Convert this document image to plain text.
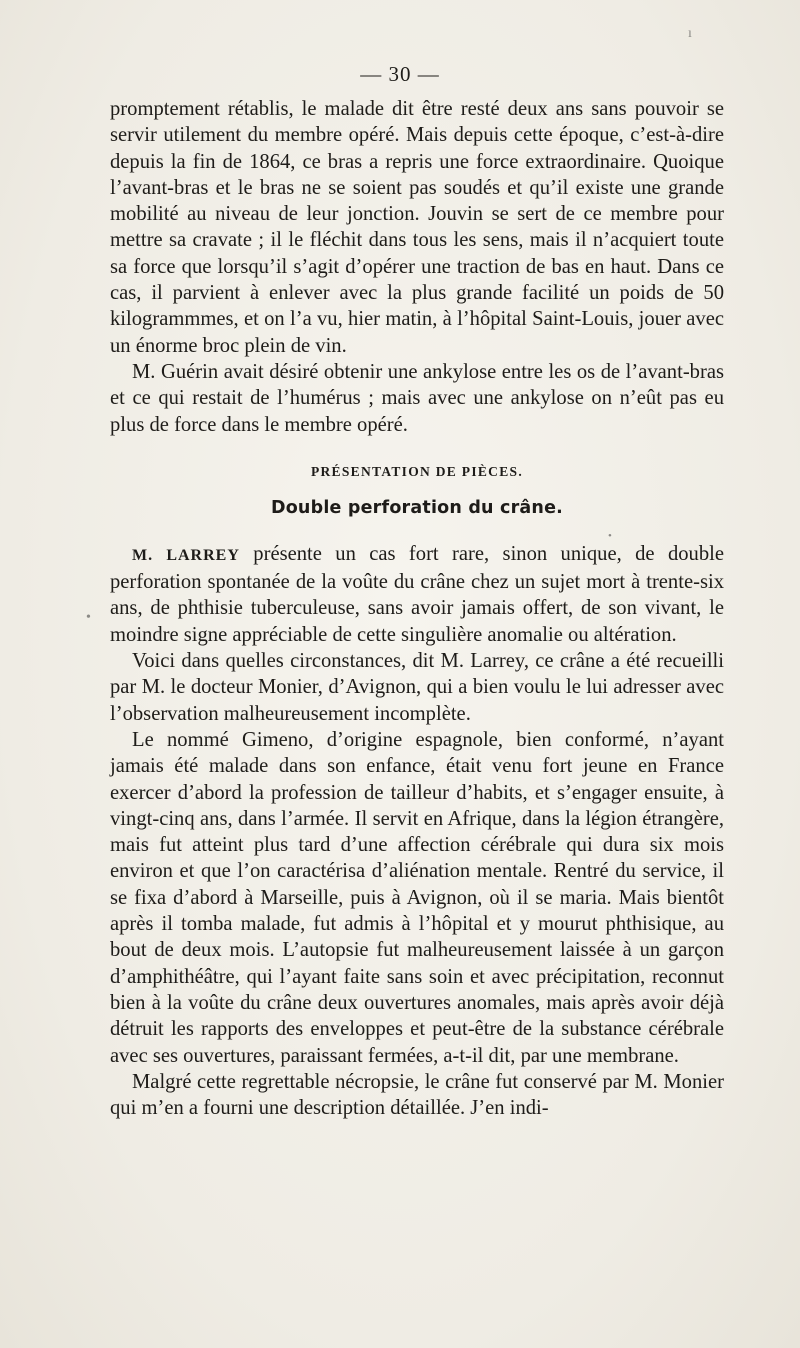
ı
•
•
— 30 —

promptement rétablis, le malade dit être resté deux ans sans pouvoir se servir utilement du membre opéré. Mais depuis cette époque, c’est-à-dire depuis la fin de 1864, ce bras a repris une force extraordinaire. Quoique l’avant-bras et le bras ne se soient pas soudés et qu’il existe une grande mobilité au niveau de leur jonction. Jouvin se sert de ce membre pour mettre sa cravate ; il le fléchit dans tous les sens, mais il n’acquiert toute sa force que lorsqu’il s’agit d’opérer une traction de bas en haut. Dans ce cas, il parvient à enlever avec la plus grande facilité un poids de 50 kilogrammmes, et on l’a vu, hier matin, à l’hôpital Saint-Louis, jouer avec un énorme broc plein de vin.

M. Guérin avait désiré obtenir une ankylose entre les os de l’avant-bras et ce qui restait de l’humérus ; mais avec une ankylose on n’eût pas eu plus de force dans le membre opéré.

PRÉSENTATION DE PIÈCES.
Double perforation du crâne.

M. LARREY présente un cas fort rare, sinon unique, de double perforation spontanée de la voûte du crâne chez un sujet mort à trente-six ans, de phthisie tuberculeuse, sans avoir jamais offert, de son vivant, le moindre signe appréciable de cette singulière anomalie ou altération.

Voici dans quelles circonstances, dit M. Larrey, ce crâne a été recueilli par M. le docteur Monier, d’Avignon, qui a bien voulu le lui adresser avec l’observation malheureusement incomplète.

Le nommé Gimeno, d’origine espagnole, bien conformé, n’ayant jamais été malade dans son enfance, était venu fort jeune en France exercer d’abord la profession de tailleur d’habits, et s’engager ensuite, à vingt-cinq ans, dans l’armée. Il servit en Afrique, dans la légion étrangère, mais fut atteint plus tard d’une affection cérébrale qui dura six mois environ et que l’on caractérisa d’aliénation mentale. Rentré du service, il se fixa d’abord à Marseille, puis à Avignon, où il se maria. Mais bientôt après il tomba malade, fut admis à l’hôpital et y mourut phthisique, au bout de deux mois. L’autopsie fut malheureusement laissée à un garçon d’amphithéâtre, qui l’ayant faite sans soin et avec précipitation, reconnut bien à la voûte du crâne deux ouvertures anomales, mais après avoir déjà détruit les rapports des enveloppes et peut-être de la substance cérébrale avec ses ouvertures, paraissant fermées, a-t-il dit, par une membrane.

Malgré cette regrettable nécropsie, le crâne fut conservé par M. Monier qui m’en a fourni une description détaillée. J’en indi-
